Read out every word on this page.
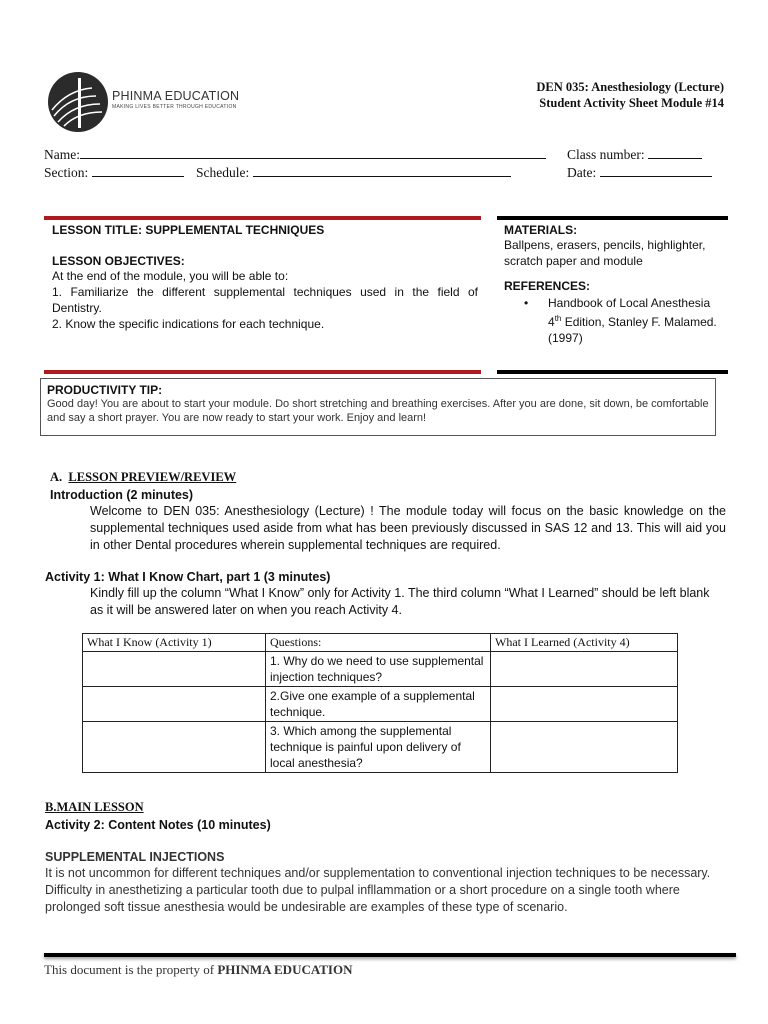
PHINMA EDUCATION
MAKING LIVES BETTER THROUGH EDUCATION
DEN 035: Anesthesiology (Lecture)
Student Activity Sheet Module #14
Name:	Class number:
Section:	Schedule:	Date:
LESSON TITLE: SUPPLEMENTAL TECHNIQUES
LESSON OBJECTIVES:
At the end of the module, you will be able to:
1. Familiarize the different supplemental techniques used in the field of Dentistry.
2. Know the specific indications for each technique.
MATERIALS:
Ballpens, erasers, pencils, highlighter, scratch paper and module
REFERENCES:
• Handbook of Local Anesthesia 4th Edition, Stanley F. Malamed. (1997)
PRODUCTIVITY TIP:
Good day! You are about to start your module. Do short stretching and breathing exercises. After you are done, sit down, be comfortable and say a short prayer. You are now ready to start your work. Enjoy and learn!
A. LESSON PREVIEW/REVIEW
Introduction (2 minutes)
Welcome to DEN 035: Anesthesiology (Lecture) ! The module today will focus on the basic knowledge on the supplemental techniques used aside from what has been previously discussed in SAS 12 and 13. This will aid you in other Dental procedures wherein supplemental techniques are required.
Activity 1: What I Know Chart, part 1 (3 minutes)
Kindly fill up the column “What I Know” only for Activity 1. The third column “What I Learned” should be left blank as it will be answered later on when you reach Activity 4.
What I Know (Activity 1)	Questions:	What I Learned (Activity 4)
	1. Why do we need to use supplemental injection techniques?	
	2.Give one example of a supplemental technique.	
	3. Which among the supplemental technique is painful upon delivery of local anesthesia?	
B.MAIN LESSON
Activity 2: Content Notes (10 minutes)
SUPPLEMENTAL INJECTIONS
It is not uncommon for different techniques and/or supplementation to conventional injection techniques to be necessary. Difficulty in anesthetizing a particular tooth due to pulpal infllammation or a short procedure on a single tooth where prolonged soft tissue anesthesia would be undesirable are examples of these type of scenario.
This document is the property of PHINMA EDUCATION
